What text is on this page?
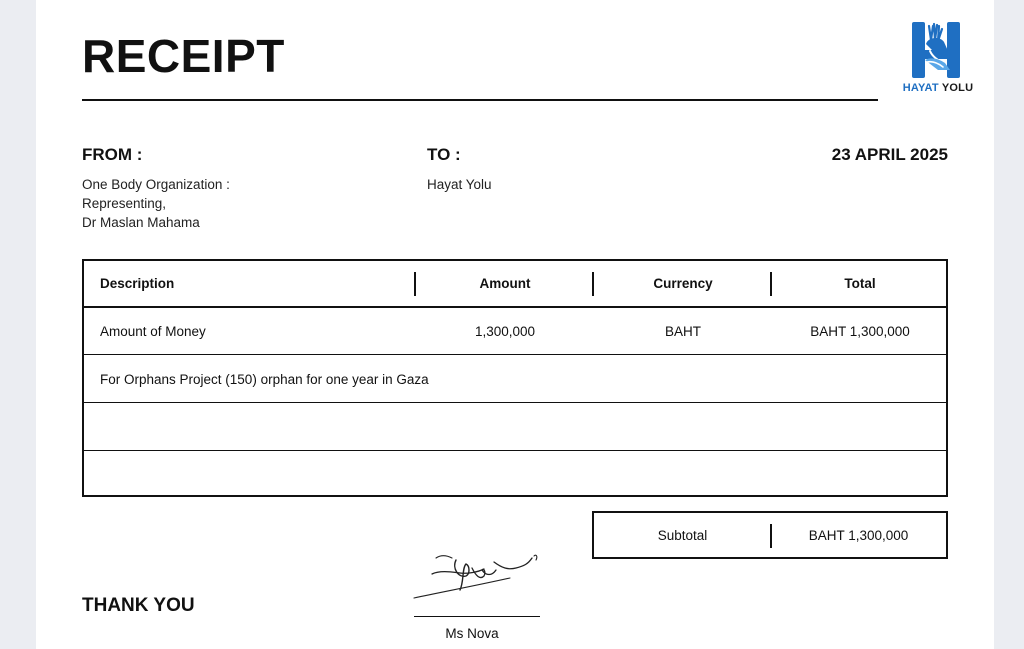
RECEIPT
HAYAT YOLU
FROM :	TO :	23 APRIL 2025
One Body Organization :
Representing,
Dr Maslan Mahama
Hayat Yolu
Description	Amount	Currency	Total
Amount of Money	1,300,000	BAHT	BAHT 1,300,000
For Orphans Project (150) orphan for one year in Gaza
Subtotal	BAHT 1,300,000
THANK YOU
Ms Nova
